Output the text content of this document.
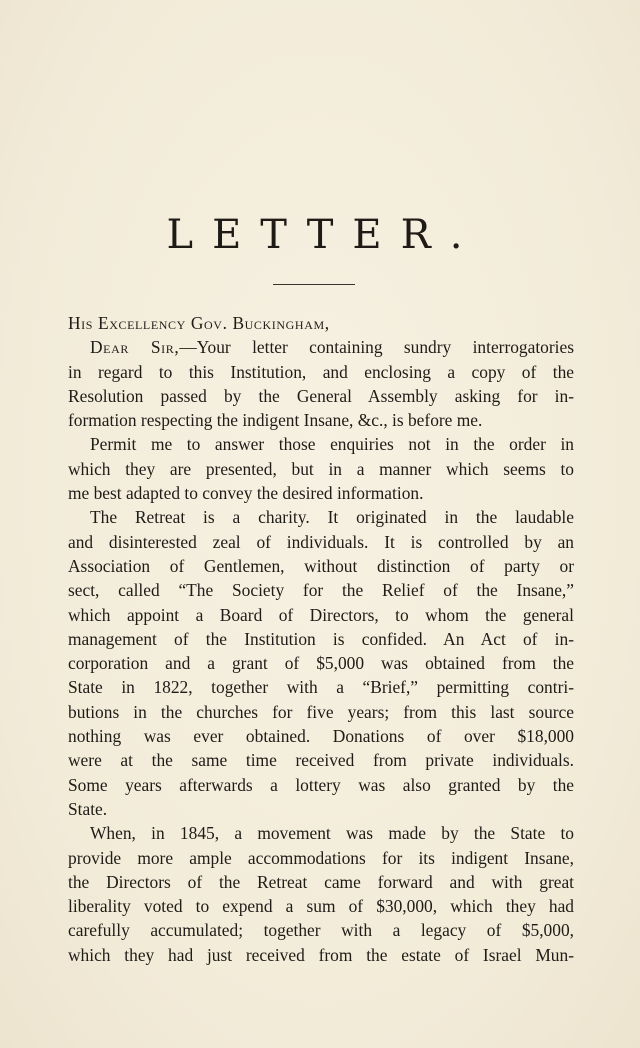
LETTER.
His Excellency Gov. Buckingham,
Dear Sir,—Your letter containing sundry interrogatories
in regard to this Institution, and enclosing a copy of the
Resolution passed by the General Assembly asking for in-
formation respecting the indigent Insane, &c., is before me.
Permit me to answer those enquiries not in the order in
which they are presented, but in a manner which seems to
me best adapted to convey the desired information.
The Retreat is a charity. It originated in the laudable
and disinterested zeal of individuals. It is controlled by an
Association of Gentlemen, without distinction of party or
sect, called “The Society for the Relief of the Insane,”
which appoint a Board of Directors, to whom the general
management of the Institution is confided. An Act of in-
corporation and a grant of $5,000 was obtained from the
State in 1822, together with a “Brief,” permitting contri-
butions in the churches for five years; from this last source
nothing was ever obtained. Donations of over $18,000
were at the same time received from private individuals.
Some years afterwards a lottery was also granted by the
State.
When, in 1845, a movement was made by the State to
provide more ample accommodations for its indigent Insane,
the Directors of the Retreat came forward and with great
liberality voted to expend a sum of $30,000, which they had
carefully accumulated; together with a legacy of $5,000,
which they had just received from the estate of Israel Mun-
